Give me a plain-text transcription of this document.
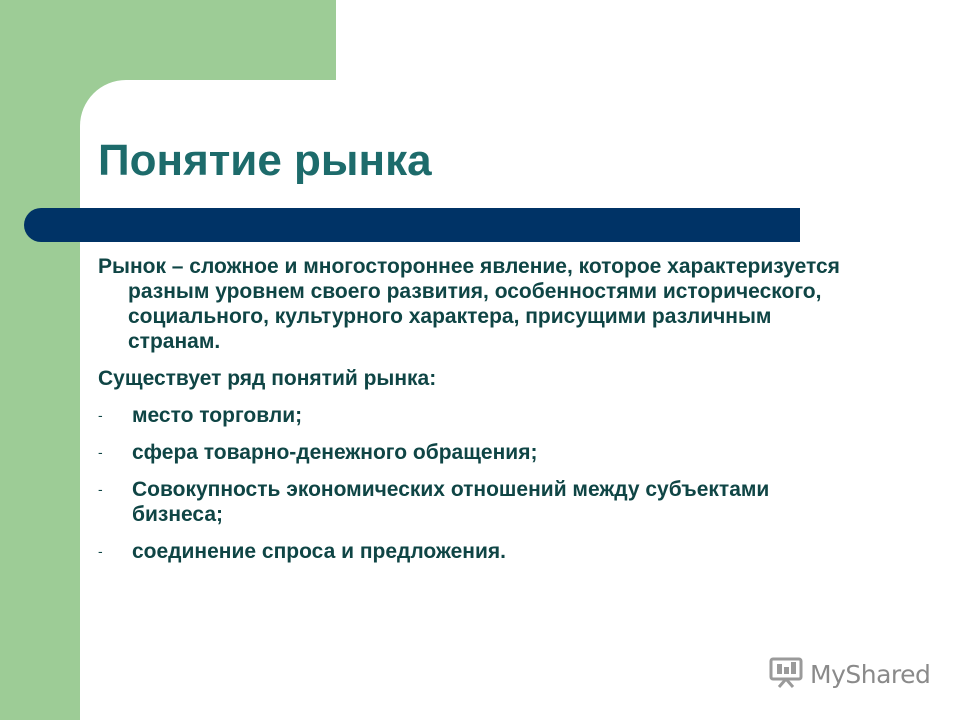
Понятие рынка

Рынок – сложное и многостороннее явление, которое характеризуется разным уровнем своего развития, особенностями исторического, социального, культурного характера, присущими различным странам.

Существует ряд понятий рынка:

- место торговли;
- сфера товарно-денежного обращения;
- Совокупность экономических отношений между субъектами бизнеса;
- соединение спроса и предложения.
MyShared
